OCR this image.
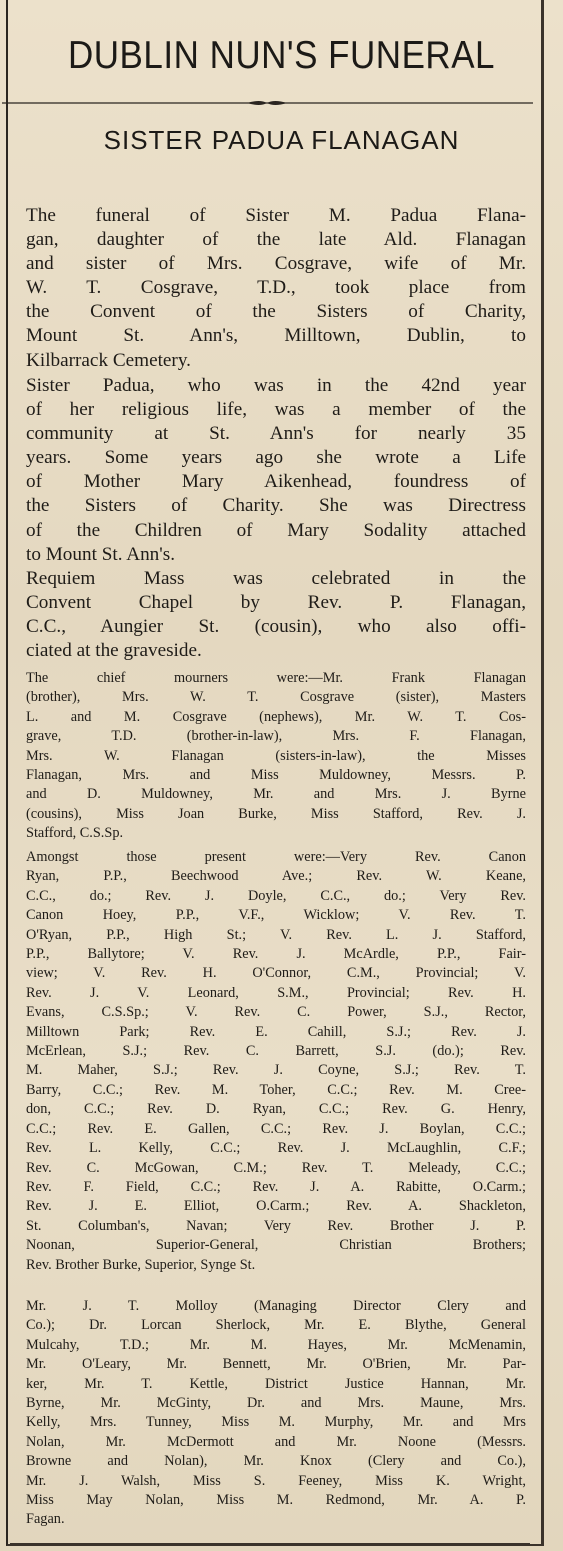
DUBLIN NUN'S FUNERAL
SISTER PADUA FLANAGAN
The funeral of Sister M. Padua Flana-
gan, daughter of the late Ald. Flanagan
and sister of Mrs. Cosgrave, wife of Mr.
W. T. Cosgrave, T.D., took place from
the Convent of the Sisters of Charity,
Mount St. Ann's, Milltown, Dublin, to
Kilbarrack Cemetery.
Sister Padua, who was in the 42nd year
of her religious life, was a member of the
community at St. Ann's for nearly 35
years. Some years ago she wrote a Life
of Mother Mary Aikenhead, foundress of
the Sisters of Charity. She was Directress
of the Children of Mary Sodality attached
to Mount St. Ann's.
Requiem Mass was celebrated in the
Convent Chapel by Rev. P. Flanagan,
C.C., Aungier St. (cousin), who also offi-
ciated at the graveside.
The chief mourners were:—Mr. Frank Flanagan
(brother), Mrs. W. T. Cosgrave (sister), Masters
L. and M. Cosgrave (nephews), Mr. W. T. Cos-
grave, T.D. (brother-in-law), Mrs. F. Flanagan,
Mrs. W. Flanagan (sisters-in-law), the Misses
Flanagan, Mrs. and Miss Muldowney, Messrs. P.
and D. Muldowney, Mr. and Mrs. J. Byrne
(cousins), Miss Joan Burke, Miss Stafford, Rev. J.
Stafford, C.S.Sp.
Amongst those present were:—Very Rev. Canon
Ryan, P.P., Beechwood Ave.; Rev. W. Keane,
C.C., do.; Rev. J. Doyle, C.C., do.; Very Rev.
Canon Hoey, P.P., V.F., Wicklow; V. Rev. T.
O'Ryan, P.P., High St.; V. Rev. L. J. Stafford,
P.P., Ballytore; V. Rev. J. McArdle, P.P., Fair-
view; V. Rev. H. O'Connor, C.M., Provincial; V.
Rev. J. V. Leonard, S.M., Provincial; Rev. H.
Evans, C.S.Sp.; V. Rev. C. Power, S.J., Rector,
Milltown Park; Rev. E. Cahill, S.J.; Rev. J.
McErlean, S.J.; Rev. C. Barrett, S.J. (do.); Rev.
M. Maher, S.J.; Rev. J. Coyne, S.J.; Rev. T.
Barry, C.C.; Rev. M. Toher, C.C.; Rev. M. Cree-
don, C.C.; Rev. D. Ryan, C.C.; Rev. G. Henry,
C.C.; Rev. E. Gallen, C.C.; Rev. J. Boylan, C.C.;
Rev. L. Kelly, C.C.; Rev. J. McLaughlin, C.F.;
Rev. C. McGowan, C.M.; Rev. T. Meleady, C.C.;
Rev. F. Field, C.C.; Rev. J. A. Rabitte, O.Carm.;
Rev. J. E. Elliot, O.Carm.; Rev. A. Shackleton,
St. Columban's, Navan; Very Rev. Brother J. P.
Noonan, Superior-General, Christian Brothers;
Rev. Brother Burke, Superior, Synge St.
Mr. J. T. Molloy (Managing Director Clery and
Co.); Dr. Lorcan Sherlock, Mr. E. Blythe, General
Mulcahy, T.D.; Mr. M. Hayes, Mr. McMenamin,
Mr. O'Leary, Mr. Bennett, Mr. O'Brien, Mr. Par-
ker, Mr. T. Kettle, District Justice Hannan, Mr.
Byrne, Mr. McGinty, Dr. and Mrs. Maune, Mrs.
Kelly, Mrs. Tunney, Miss M. Murphy, Mr. and Mrs
Nolan, Mr. McDermott and Mr. Noone (Messrs.
Browne and Nolan), Mr. Knox (Clery and Co.),
Mr. J. Walsh, Miss S. Feeney, Miss K. Wright,
Miss May Nolan, Miss M. Redmond, Mr. A. P.
Fagan.
